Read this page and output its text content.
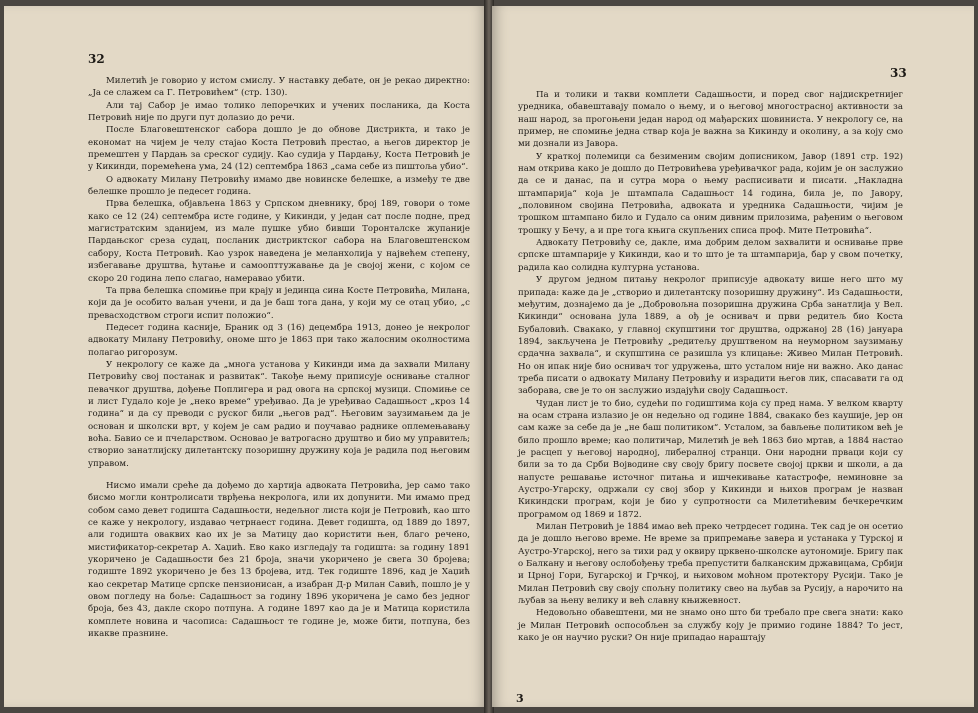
32

Милетић је говорио у истом смислу. У наставку дебате, он је рекао директно: „Ја се слажем са Г. Петровићем“ (стр. 130).

Али тај Сабор је имао толико лепоречких и учених посланика, да Коста Петровић није по други пут долазио до речи.

После Благовештенског сабора дошло је до обнове Дистрикта, и тако је економат на чијем је челу стајао Коста Петровић престао, а његов директор је премештен у Пардањ за среског судију. Као судија у Пардању, Коста Петровић је у Кикинди, поремећена ума, 24 (12) септембра 1863 „сама себе из пиштоља убио“.

О адвокату Милану Петровићу имамо две новинске белешке, а између те две белешке прошло је педесет година.

Прва белешка, објављена 1863 у Српском дневнику, број 189, говори о томе како се 12 (24) септембра исте године, у Кикинди, у један сат после подне, пред магистратским зданијем, из мале пушке убио бивши Торонталске жупаније Пардањског среза судац, посланик дистриктског сабора на Благовештенском сабору, Коста Петровић. Као узрок наведена је меланхолија у највећем степену, избегавање друштва, ћутање и самоопттужавање да је својој жени, с којом се скоро 20 година лепо слагао, намеравао убити.

Та прва белешка спомиње при крају и јединца сина Косте Петровића, Милана, који да је особито ваљан учени, и да је баш тога дана, у који му се отац убио, „с превасходством строги испит положио“.

Педесет година касније, Браник од 3 (16) децембра 1913, донео је некролог адвокату Милану Петровићу, ономе што је 1863 при тако жалосним околностима полагао ригорозум.

У некрологу се каже да „многа установа у Кикинди има да захвали Милану Петровићу свој постанак и развитак“. Такође њему приписује оснивање сталног певачког друштва, дођење Поплигера и рад овога на српској музици. Спомиње се и лист Гудало које је „неко време“ уређивао. Да је уређивао Садашњост „кроз 14 година“ и да су преводи с руског били „његов рад“. Његовим заузимањем да је основан и школски врт, у којем је сам радио и поучавао раднике оплемењавању воћа. Бавио се и пчеларством. Основао је ватрогасно друштво и био му управитељ; створио занатлијску дилетантску позоришну дружину која је радила под његовим управом.

Нисмо имали среће да дођемо до хартија адвоката Петровића, јер само тако бисмо могли контролисати тврђења некролога, или их допунити. Ми имамо пред собом само девет годишта Садашњости, недељног листа који је Петровић, као што се каже у некрологу, издавао четрнаест година. Девет годишта, од 1889 до 1897, али годишта оваквих као их је за Матицу дао користити њен, благо речено, мистификатор-секретар А. Хаџић. Ево како изгледају та годишта: за годину 1891 укоричено је Садашњости без 21 броја, значи укоричено је свега 30 бројева; годиште 1892 укоричено је без 13 бројева, итд. Тек годиште 1896, кад је Хаџић као секретар Матице српске пензионисан, а изабран Д-р Милан Савић, пошло је у овом погледу на боље: Садашњост за годину 1896 укоричена је само без једног броја, без 43, дакле скоро потпуна. А године 1897 као да је и Матица користила комплете новина и часописа: Садашњост те године је, може бити, потпуна, без икакве празнине.

33

Па и толики и такви комплети Садашњости, и поред свог најдискретнијег уредника, обавештавају помало о њему, и о његовој многострасној активности за наш народ, за прогоњени један народ од мађарских шовиниста. У некрологу се, на пример, не спомиње једна ствар која је важна за Кикинду и околину, а за коју смо ми дознали из Јавора.

У краткој полемици са безименим својим дописником, Јавор (1891 стр. 192) нам открива како је дошло до Петровићева уређивачког рада, којим је он заслужио да се и данас, па и сутра мора о њему расписивати и писати. „Накладна штампарија“ која је штампала Садашњост 14 година, била је, по Јавору, „половином својина Петровића, адвоката и уредника Садашњости, чијим је трошком штампано било и Гудало са оним дивним прилозима, рађеним о његовом трошку у Бечу, а и пре тога књига скупљених списа проф. Мите Петровића“.

Адвокату Петровићу се, дакле, има добрим делом захвалити и оснивање прве српске штампарије у Кикинди, као и то што је та штампарија, бар у свом почетку, радила као солидна културна установа.

У другом једном питању некролог приписује адвокату више него што му припада: каже да је „створио и дилетантску позоришну дружину“. Из Садашњости, међутим, дознајемо да је „Добровољна позоришна дружина Срба занатлија у Вел. Кикинди“ основана јула 1889, а ођ је оснивач и први редитељ био Коста Бубаловић. Свакако, у главној скупштини тог друштва, одржаној 28 (16) јануара 1894, закључена је Петровићу „редитељу друштвеном на неуморном заузимању срдачна захвала“, и скупштина се разишла уз клицање: Живео Милан Петровић. Но он ипак није био оснивач тог удружења, што усталом није ни важно. Ако данас треба писати о адвокату Милану Петровићу и израдити његов лик, спасавати га од заборава, све је то он заслужио издајући своју Садашњост.

Чудан лист је то био, судећи по годиштима која су пред нама. У велком кварту на осам страна излазио је он недељно од године 1884, свакако без каушије, јер он сам каже за себе да је „не баш политиком“. Усталом, за бављење политиком већ је било прошло време; као политичар, Милетић је већ 1863 био мртав, а 1884 настао је расцеп у његовој народној, либералној странци. Они народни прваци који су били за то да Срби Војводине сву своју бригу посвете својој цркви и школи, а да напусте решавање источног питања и ишчекивање катастрофе, неминовне за Аустро-Угарску, одржали су свој збор у Кикинди и њихов програм је назван Кикиндски програм, који је био у супротности са Милетићевим бечкеречким програмом од 1869 и 1872.

Милан Петровић је 1884 имао већ преко четрдесет година. Тек сад је он осетио да је дошло његово време. Не време за припремање завера и устанака у Турској и Аустро-Угарској, него за тихи рад у оквиру црквено-школске аутономије. Бригу пак о Балкану и његову ослобођењу треба препустити балканским државицама, Србији и Црној Гори, Бугарској и Грчкој, и њиховом моћном протектору Русији. Тако је Милан Петровић сву своју спољну политику свео на љубав за Русију, а нарочито на љубав за њену велику и већ славну књижевност.

Недовољно обавештени, ми не знамо оно што би требало пре свега знати: како је Милан Петровић оспособљен за службу коју је примио године 1884? То јест, како је он научио руски? Он није припадао нараштају

3
